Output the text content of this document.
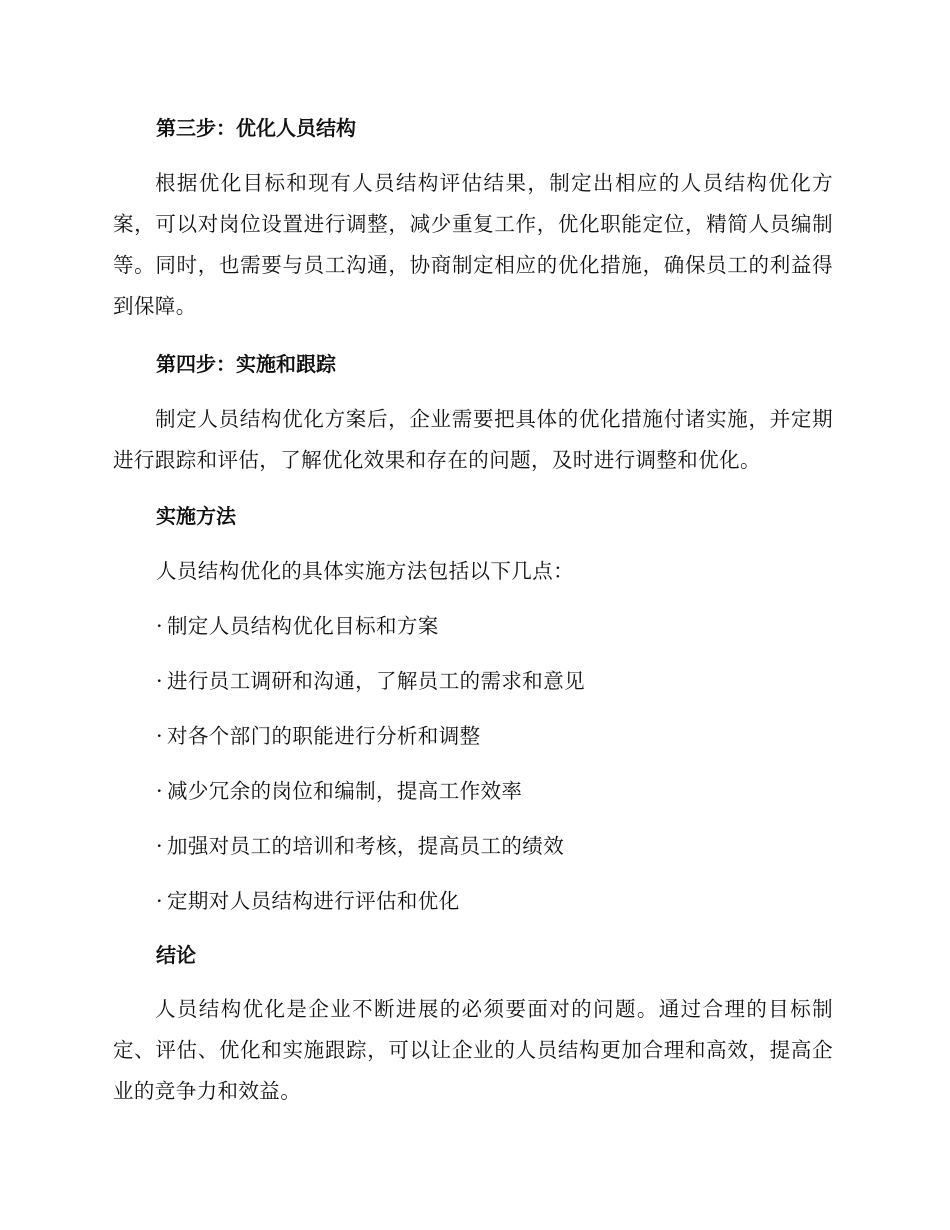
第三步：优化人员结构
根据优化目标和现有人员结构评估结果，制定出相应的人员结构优化方案，可以对岗位设置进行调整，减少重复工作，优化职能定位，精简人员编制等。同时，也需要与员工沟通，协商制定相应的优化措施，确保员工的利益得到保障。
第四步：实施和跟踪
制定人员结构优化方案后，企业需要把具体的优化措施付诸实施，并定期进行跟踪和评估，了解优化效果和存在的问题，及时进行调整和优化。
实施方法
人员结构优化的具体实施方法包括以下几点：
· 制定人员结构优化目标和方案
· 进行员工调研和沟通，了解员工的需求和意见
· 对各个部门的职能进行分析和调整
· 减少冗余的岗位和编制，提高工作效率
· 加强对员工的培训和考核，提高员工的绩效
· 定期对人员结构进行评估和优化
结论
人员结构优化是企业不断进展的必须要面对的问题。通过合理的目标制定、评估、优化和实施跟踪，可以让企业的人员结构更加合理和高效，提高企业的竞争力和效益。
